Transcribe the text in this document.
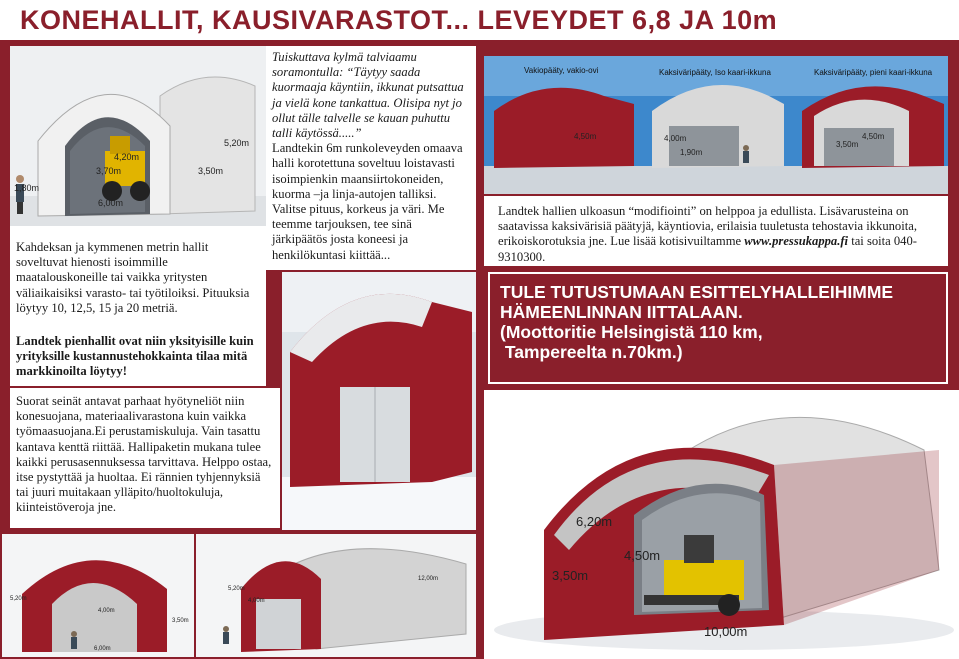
KONEHALLIT, KAUSIVARASTOT... LEVEYDET 6,8 JA 10m
5,20m
4,20m
3,70m	3,50m
6,00m
1,80m
Kahdeksan ja kymmenen metrin hallit soveltuvat hienosti isoimmille maatalouskoneille tai vaikka yritysten väliaikaisiksi varasto- tai työtiloiksi. Pituuksia löytyy 10, 12,5, 15 ja 20 metriä.
Landtek pienhallit ovat niin yksityisille kuin yrityksille kustannustehokkainta tilaa mitä markkinoilta löytyy!
Tuiskuttava kylmä talviaamu soramontulla: “Täytyy saada kuormaaja käyntiin, ikkunat putsattua ja vielä kone tankattua. Olisipa nyt jo ollut tälle talvelle se kauan puhuttu talli käytössä.....”
Landtekin 6m runkoleveyden omaava halli korotettuna soveltuu loistavasti isoimpienkin maansiirtokoneiden, kuorma –ja linja-autojen talliksi. Valitse pituus, korkeus ja väri. Me teemme tarjouksen, tee sinä järkipäätös josta koneesi ja henkilökuntasi kiittää...
Vakiopääty, vakio-ovi	Kaksiväripääty, Iso kaari-ikkuna	Kaksiväripääty, pieni kaari-ikkuna
4,50m	4,00m
1,90m
4,50m
3,50m
Landtek hallien ulkoasun “modifiointi” on helppoa ja edullista. Lisävarusteina on saatavissa kaksivärisiä päätyjä, käyntiovia, erilaisia tuuletusta tehostavia ikkunoita, erikoiskorotuksia jne. Lue lisää kotisivuiltamme www.pressukappa.fi tai soita 040-9310300.
TULE TUTUSTUMAAN ESITTELYHALLEIHIMME
HÄMEENLINNAN IITTALAAN.
(Moottoritie Helsingistä 110 km,
Tampereelta n.70km.)
Suorat seinät antavat parhaat hyötyneliöt niin konesuojana, materiaalivarastona kuin vaikka työmaasuojana.Ei perustamiskuluja. Vain tasattu kantava kenttä riittää. Hallipaketin mukana tulee kaikki perusasennuksessa tarvittava. Helppo ostaa, itse pystyttää ja huoltaa. Ei rännien tyhjennyksiä tai juuri muitakaan ylläpito/huoltokuluja, kiinteistöveroja jne.
6,20m
4,50m
3,50m
10,00m
5,20m
4,00m
6,00m
3,50m
5,20m
4,00m
12,00m
